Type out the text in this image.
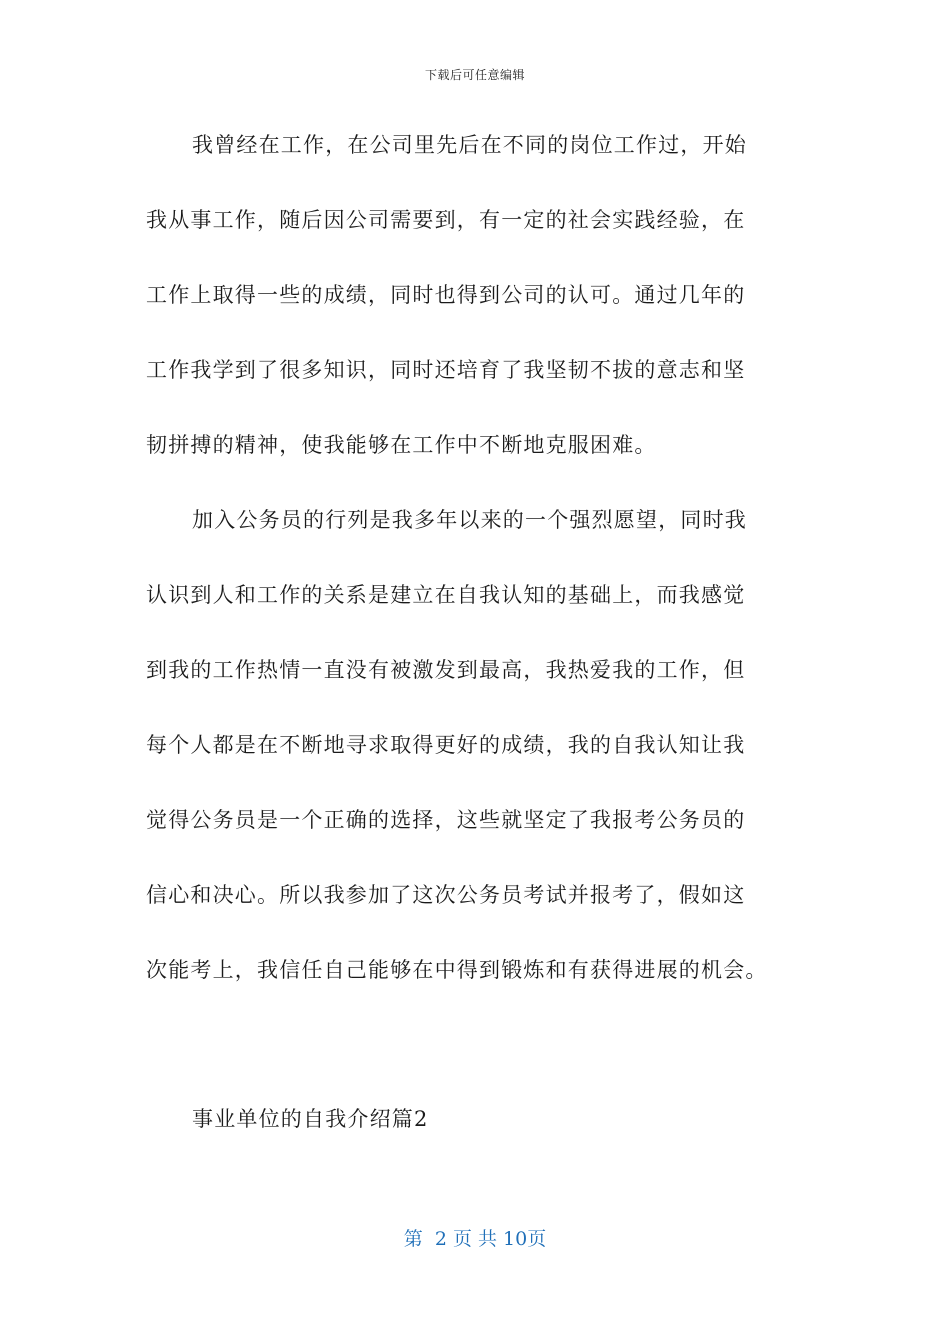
下载后可任意编辑
我曾经在工作，在公司里先后在不同的岗位工作过，开始
我从事工作，随后因公司需要到，有一定的社会实践经验，在
工作上取得一些的成绩，同时也得到公司的认可。通过几年的
工作我学到了很多知识，同时还培育了我坚韧不拔的意志和坚
韧拼搏的精神，使我能够在工作中不断地克服困难。
加入公务员的行列是我多年以来的一个强烈愿望，同时我
认识到人和工作的关系是建立在自我认知的基础上，而我感觉
到我的工作热情一直没有被激发到最高，我热爱我的工作，但
每个人都是在不断地寻求取得更好的成绩，我的自我认知让我
觉得公务员是一个正确的选择，这些就坚定了我报考公务员的
信心和决心。所以我参加了这次公务员考试并报考了，假如这
次能考上，我信任自己能够在中得到锻炼和有获得进展的机会。
事业单位的自我介绍篇2
第  2 页 共 10页
